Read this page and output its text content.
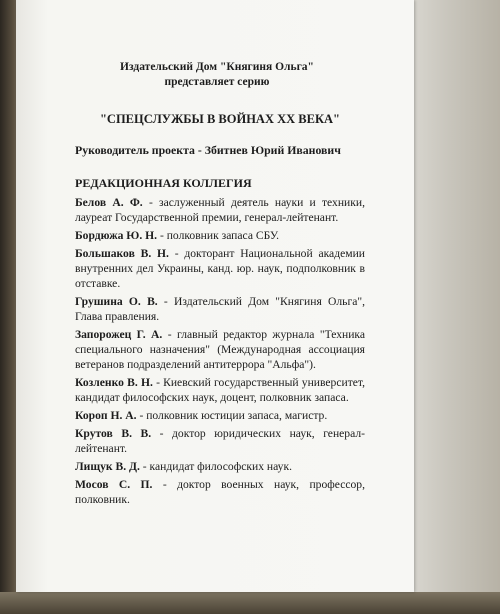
Издательский Дом "Княгиня Ольга"
представляет серию
"СПЕЦСЛУЖБЫ В ВОЙНАХ XX ВЕКА"
Руководитель проекта - Збитнев Юрий Иванович
РЕДАКЦИОННАЯ КОЛЛЕГИЯ
Белов А. Ф. - заслуженный деятель науки и техники, лауреат Государственной премии, генерал-лейтенант.
Бордюжа Ю. Н. - полковник запаса СБУ.
Большаков В. Н. - докторант Национальной академии внутренних дел Украины, канд. юр. наук, подполковник в отставке.
Грушина О. В. - Издательский Дом "Княгиня Ольга", Глава правления.
Запорожец Г. А. - главный редактор журнала "Техника специального назначения" (Международная ассоциация ветеранов подразделений антитеррора "Альфа").
Козленко В. Н. - Киевский государственный университет, кандидат философских наук, доцент, полковник запаса.
Короп Н. А. - полковник юстиции запаса, магистр.
Крутов В. В. - доктор юридических наук, генерал-лейтенант.
Лищук В. Д. - кандидат философских наук.
Мосов С. П. - доктор военных наук, профессор, полковник.
